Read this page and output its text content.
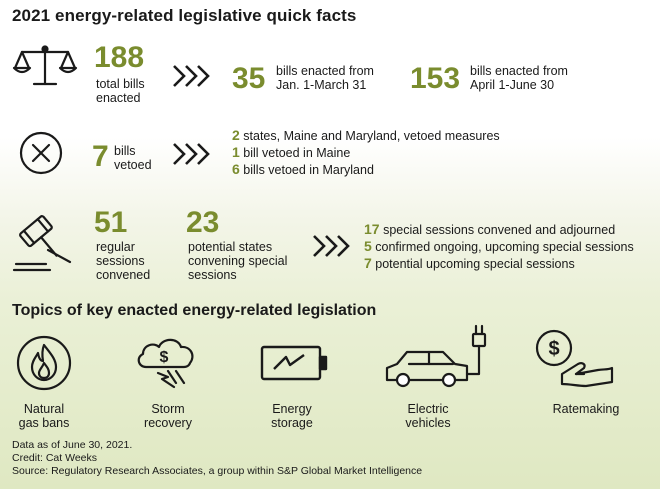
2021 energy-related legislative quick facts
188
total bills
enacted
35 bills enacted from
Jan. 1-March 31 153 bills enacted from
April 1-June 30
7 bills
vetoed
2 states, Maine and Maryland, vetoed measures
1 bill vetoed in Maine
6 bills vetoed in Maryland
51
regular
sessions
convened
23
potential states
convening special
sessions
17 special sessions convened and adjourned
5 confirmed ongoing, upcoming special sessions
7 potential upcoming special sessions
Topics of key enacted energy-related legislation
Natural
gas bans
$
Storm
recovery
Energy
storage
Electric
vehicles
$
Ratemaking
Data as of June 30, 2021.
Credit: Cat Weeks
Source: Regulatory Research Associates, a group within S&P Global Market Intelligence
